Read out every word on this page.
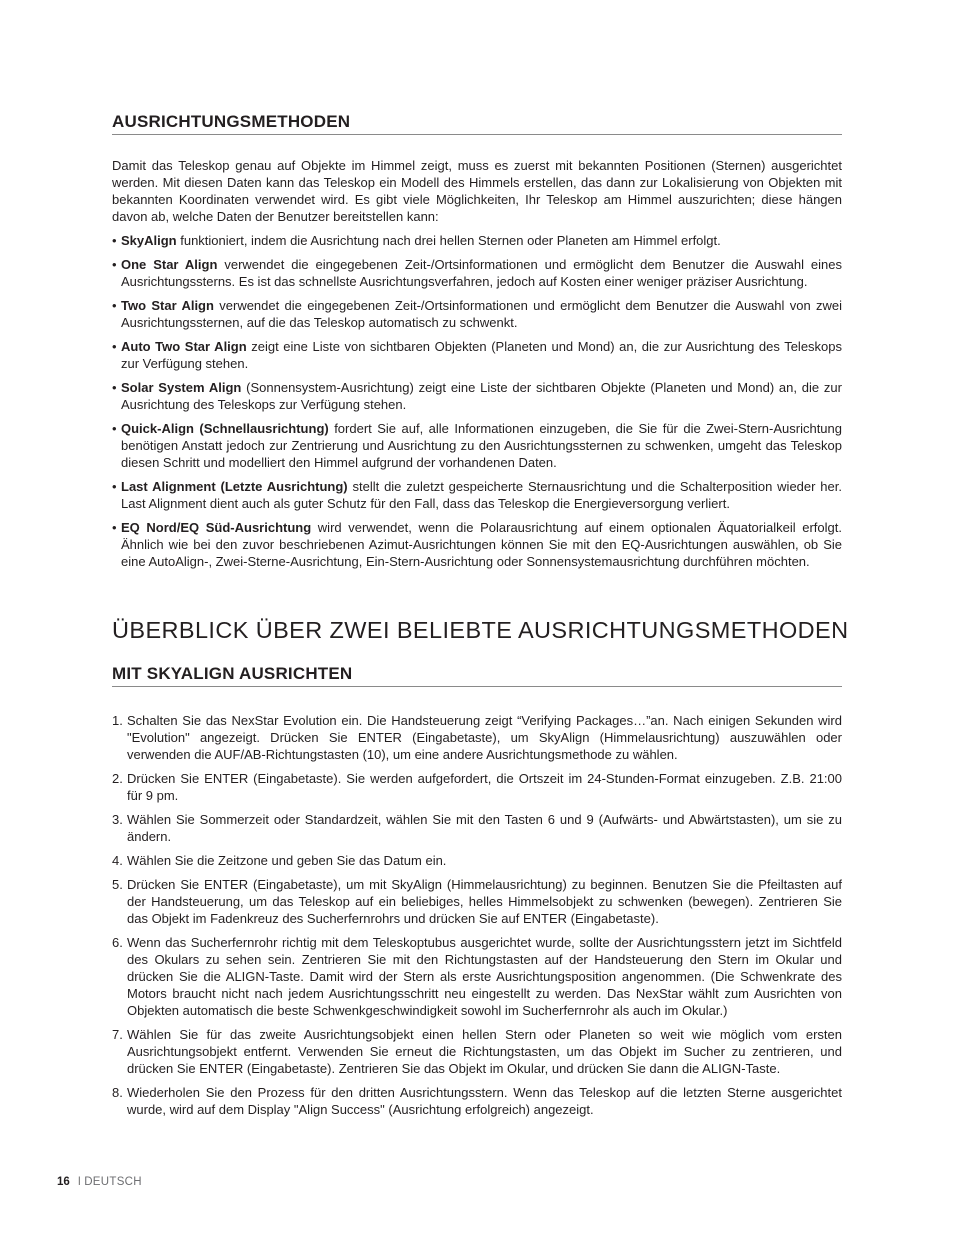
AUSRICHTUNGSMETHODEN

Damit das Teleskop genau auf Objekte im Himmel zeigt, muss es zuerst mit bekannten Positionen (Sternen) ausgerichtet werden. Mit diesen Daten kann das Teleskop ein Modell des Himmels erstellen, das dann zur Lokalisierung von Objekten mit bekannten Koordinaten verwendet wird. Es gibt viele Möglichkeiten, Ihr Teleskop am Himmel auszurichten; diese hängen davon ab, welche Daten der Benutzer bereitstellen kann:

• SkyAlign funktioniert, indem die Ausrichtung nach drei hellen Sternen oder Planeten am Himmel erfolgt.
• One Star Align verwendet die eingegebenen Zeit-/Ortsinformationen und ermöglicht dem Benutzer die Auswahl eines Ausrichtungssterns. Es ist das schnellste Ausrichtungsverfahren, jedoch auf Kosten einer weniger präziser Ausrichtung.
• Two Star Align verwendet die eingegebenen Zeit-/Ortsinformationen und ermöglicht dem Benutzer die Auswahl von zwei Ausrichtungssternen, auf die das Teleskop automatisch zu schwenkt.
• Auto Two Star Align zeigt eine Liste von sichtbaren Objekten (Planeten und Mond) an, die zur Ausrichtung des Teleskops zur Verfügung stehen.
• Solar System Align (Sonnensystem-Ausrichtung) zeigt eine Liste der sichtbaren Objekte (Planeten und Mond) an, die zur Ausrichtung des Teleskops zur Verfügung stehen.
• Quick-Align (Schnellausrichtung) fordert Sie auf, alle Informationen einzugeben, die Sie für die Zwei-Stern-Ausrichtung benötigen Anstatt jedoch zur Zentrierung und Ausrichtung zu den Ausrichtungssternen zu schwenken, umgeht das Teleskop diesen Schritt und modelliert den Himmel aufgrund der vorhandenen Daten.
• Last Alignment (Letzte Ausrichtung) stellt die zuletzt gespeicherte Sternausrichtung und die Schalterposition wieder her. Last Alignment dient auch als guter Schutz für den Fall, dass das Teleskop die Energieversorgung verliert.
• EQ Nord/EQ Süd-Ausrichtung wird verwendet, wenn die Polarausrichtung auf einem optionalen Äquatorialkeil erfolgt. Ähnlich wie bei den zuvor beschriebenen Azimut-Ausrichtungen können Sie mit den EQ-Ausrichtungen auswählen, ob Sie eine AutoAlign-, Zwei-Sterne-Ausrichtung, Ein-Stern-Ausrichtung oder Sonnensystemausrichtung durchführen möchten.
ÜBERBLICK ÜBER ZWEI BELIEBTE AUSRICHTUNGSMETHODEN
MIT SKYALIGN AUSRICHTEN
1. Schalten Sie das NexStar Evolution ein. Die Handsteuerung zeigt “Verifying Packages…”an. Nach einigen Sekunden wird "Evolution" angezeigt. Drücken Sie ENTER (Eingabetaste), um SkyAlign (Himmelausrichtung) auszuwählen oder verwenden die AUF/AB-Richtungstasten (10), um eine andere Ausrichtungsmethode zu wählen.
2. Drücken Sie ENTER (Eingabetaste). Sie werden aufgefordert, die Ortszeit im 24-Stunden-Format einzugeben. Z.B. 21:00 für 9 pm.
3. Wählen Sie Sommerzeit oder Standardzeit, wählen Sie mit den Tasten 6 und 9 (Aufwärts- und Abwärtstasten), um sie zu ändern.
4. Wählen Sie die Zeitzone und geben Sie das Datum ein.
5. Drücken Sie ENTER (Eingabetaste), um mit SkyAlign (Himmelausrichtung) zu beginnen. Benutzen Sie die Pfeiltasten auf der Handsteuerung, um das Teleskop auf ein beliebiges, helles Himmelsobjekt zu schwenken (bewegen). Zentrieren Sie das Objekt im Fadenkreuz des Sucherfernrohrs und drücken Sie auf ENTER (Eingabetaste).
6. Wenn das Sucherfernrohr richtig mit dem Teleskoptubus ausgerichtet wurde, sollte der Ausrichtungsstern jetzt im Sichtfeld des Okulars zu sehen sein. Zentrieren Sie mit den Richtungstasten auf der Handsteuerung den Stern im Okular und drücken Sie die ALIGN-Taste. Damit wird der Stern als erste Ausrichtungsposition angenommen. (Die Schwenkrate des Motors braucht nicht nach jedem Ausrichtungsschritt neu eingestellt zu werden. Das NexStar wählt zum Ausrichten von Objekten automatisch die beste Schwenkgeschwindigkeit sowohl im Sucherfernrohr als auch im Okular.)
7. Wählen Sie für das zweite Ausrichtungsobjekt einen hellen Stern oder Planeten so weit wie möglich vom ersten Ausrichtungsobjekt entfernt. Verwenden Sie erneut die Richtungstasten, um das Objekt im Sucher zu zentrieren, und drücken Sie ENTER (Eingabetaste). Zentrieren Sie das Objekt im Okular, und drücken Sie dann die ALIGN-Taste.
8. Wiederholen Sie den Prozess für den dritten Ausrichtungsstern. Wenn das Teleskop auf die letzten Sterne ausgerichtet wurde, wird auf dem Display "Align Success" (Ausrichtung erfolgreich) angezeigt.
16 I DEUTSCH
